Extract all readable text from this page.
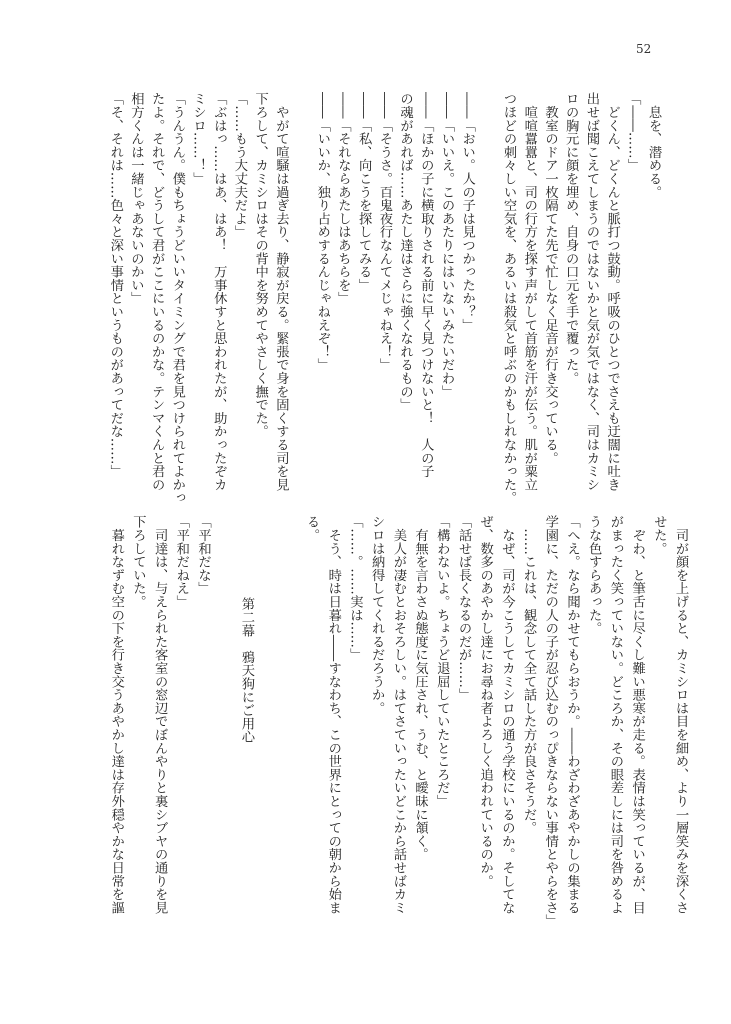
52
　息を、潜める。
「――……」
　どくん、どくんと脈打つ鼓動。呼吸のひとつでさえも迂闊に吐き
出せば聞こえてしまうのではないかと気が気ではなく、司はカミシ
ロの胸元に顔を埋め、自身の口元を手で覆った。
　教室のドア一枚隔てた先で忙しなく足音が行き交っている。
　喧喧囂囂と、司の行方を探す声がして首筋を汗が伝う。肌が粟立
つほどの刺々しい空気を、あるいは殺気と呼ぶのかもしれなかった。

――「おい。人の子は見つかったか？」
――「いいえ。このあたりにはいないみたいだわ」
――「ほかの子に横取りされる前に早く見つけないと！　人の子
の魂があれば……あたし達はさらに強くなれるもの」
――「そうさ。百鬼夜行なんてメじゃねえ！」
――「私、向こうを探してみる」
――「それならあたしはあちらを」
――「いいか、独り占めするんじゃねえぞ！」

　やがて喧騒は過ぎ去り、静寂が戻る。緊張で身を固くする司を見
下ろして、カミシロはその背中を努めてやさしく撫でた。
「……もう大丈夫だよ」
「ぶはっ……はあ、はあ！　万事休すと思われたが、助かったぞカ
ミシロ……！」
「うんうん。僕もちょうどいいタイミングで君を見つけられてよかっ
たよ。それで、どうして君がここにいるのかな。テンマくんと君の
相方くんは一緒じゃあないのかい」
「そ、それは……色々と深い事情というものがあってだな……」
　司が顔を上げると、カミシロは目を細め、より一層笑みを深くさ
せた。
　ぞわ、と筆舌に尽くし難い悪寒が走る。表情は笑っているが、目
がまったく笑っていない。どころか、その眼差しには司を咎めるよ
うな色すらあった。
「へえ。なら聞かせてもらおうか。――わざわざあやかしの集まる
学園に、ただの人の子が忍び込むのっぴきならない事情とやらをさ」
　……これは、観念して全て話した方が良さそうだ。
　なぜ、司が今こうしてカミシロの通う学校にいるのか。そしてな
ぜ、数多のあやかし達にお尋ね者よろしく追われているのか。
「話せば長くなるのだが……」
「構わないよ。ちょうど退屈していたところだ」
　有無を言わさぬ態度に気圧され、うむ、と曖昧に頷く。
　美人が凄むとおそろしい。はてさていったいどこから話せばカミ
シロは納得してくれるだろうか。
「……。……実は……」
　そう、時は日暮れ――すなわち、この世界にとっての朝から始ま
る。

第二幕　鴉天狗にご用心

「平和だな」
「平和だねえ」
　司達は、与えられた客室の窓辺でぼんやりと裏シブヤの通りを見
下ろしていた。
　暮れなずむ空の下を行き交うあやかし達は存外穏やかな日常を謳
